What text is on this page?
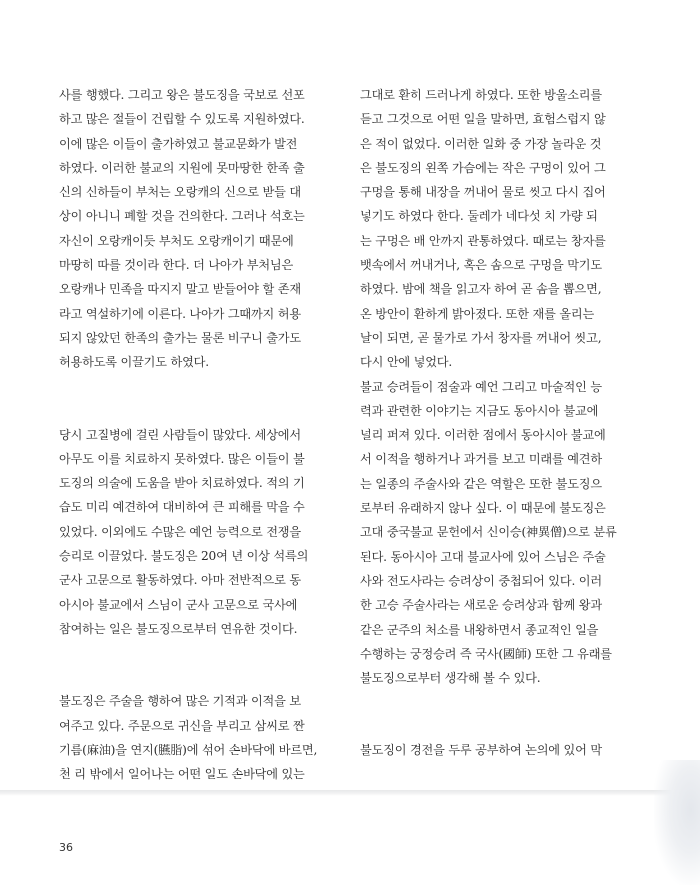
사를 행했다. 그리고 왕은 불도징을 국보로 선포
하고 많은 절들이 건립할 수 있도록 지원하였다.
이에 많은 이들이 출가하였고 불교문화가 발전
하였다. 이러한 불교의 지원에 못마땅한 한족 출
신의 신하들이 부처는 오랑캐의 신으로 받들 대
상이 아니니 폐할 것을 건의한다. 그러나 석호는
자신이 오랑캐이듯 부처도 오랑캐이기 때문에
마땅히 따를 것이라 한다. 더 나아가 부처님은
오랑캐나 민족을 따지지 말고 받들어야 할 존재
라고 역설하기에 이른다. 나아가 그때까지 허용
되지 않았던 한족의 출가는 물론 비구니 출가도
허용하도록 이끌기도 하였다.

당시 고질병에 걸린 사람들이 많았다. 세상에서
아무도 이를 치료하지 못하였다. 많은 이들이 불
도징의 의술에 도움을 받아 치료하였다. 적의 기
습도 미리 예견하여 대비하여 큰 피해를 막을 수
있었다. 이외에도 수많은 예언 능력으로 전쟁을
승리로 이끌었다. 불도징은 20여 년 이상 석륵의
군사 고문으로 활동하였다. 아마 전반적으로 동
아시아 불교에서 스님이 군사 고문으로 국사에
참여하는 일은 불도징으로부터 연유한 것이다.

불도징은 주술을 행하여 많은 기적과 이적을 보
여주고 있다. 주문으로 귀신을 부리고 삼씨로 짠
기름(麻油)을 연지(臙脂)에 섞어 손바닥에 바르면,
천 리 밖에서 일어나는 어떤 일도 손바닥에 있는

그대로 환히 드러나게 하였다. 또한 방울소리를
듣고 그것으로 어떤 일을 말하면, 효험스럽지 않
은 적이 없었다. 이러한 일화 중 가장 놀라운 것
은 불도징의 왼쪽 가슴에는 작은 구멍이 있어 그
구멍을 통해 내장을 꺼내어 물로 씻고 다시 집어
넣기도 하였다 한다. 둘레가 네다섯 치 가량 되
는 구멍은 배 안까지 관통하였다. 때로는 창자를
뱃속에서 꺼내거나, 혹은 솜으로 구멍을 막기도
하였다. 밤에 책을 읽고자 하여 곧 솜을 뽑으면,
온 방안이 환하게 밝아졌다. 또한 재를 올리는
날이 되면, 곧 물가로 가서 창자를 꺼내어 씻고,
다시 안에 넣었다.

불교 승려들이 점술과 예언 그리고 마술적인 능
력과 관련한 이야기는 지금도 동아시아 불교에
널리 퍼져 있다. 이러한 점에서 동아시아 불교에
서 이적을 행하거나 과거를 보고 미래를 예견하
는 일종의 주술사와 같은 역할은 또한 불도징으
로부터 유래하지 않나 싶다. 이 때문에 불도징은
고대 중국불교 문헌에서 신이승(神異僧)으로 분류
된다. 동아시아 고대 불교사에 있어 스님은 주술
사와 전도사라는 승려상이 중첩되어 있다. 이러
한 고승 주술사라는 새로운 승려상과 함께 왕과
같은 군주의 처소를 내왕하면서 종교적인 일을
수행하는 궁정승려 즉 국사(國師) 또한 그 유래를
불도징으로부터 생각해 볼 수 있다.

불도징이 경전을 두루 공부하여 논의에 있어 막

36
